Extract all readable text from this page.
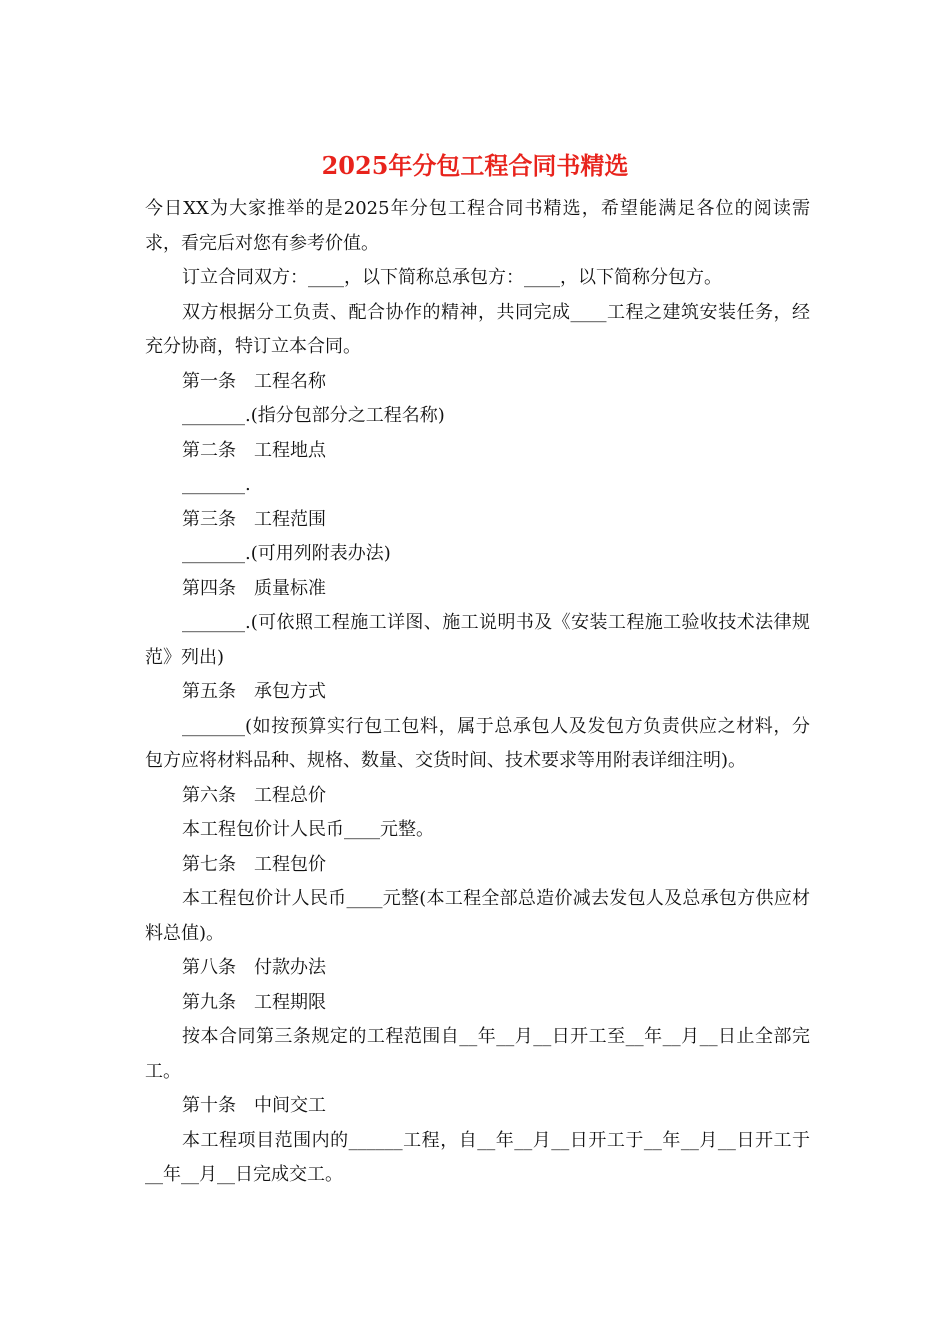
2025年分包工程合同书精选

今日XX为大家推举的是2025年分包工程合同书精选，希望能满足各位的阅读需求，看完后对您有参考价值。

订立合同双方：____，以下简称总承包方：____，以下简称分包方。

双方根据分工负责、配合协作的精神，共同完成____工程之建筑安装任务，经充分协商，特订立本合同。

第一条　工程名称

_______.(指分包部分之工程名称)

第二条　工程地点

_______.

第三条　工程范围

_______.(可用列附表办法)

第四条　质量标准

_______.(可依照工程施工详图、施工说明书及《安装工程施工验收技术法律规范》列出)

第五条　承包方式

_______(如按预算实行包工包料，属于总承包人及发包方负责供应之材料，分包方应将材料品种、规格、数量、交货时间、技术要求等用附表详细注明)。

第六条　工程总价

本工程包价计人民币____元整。

第七条　工程包价

本工程包价计人民币____元整(本工程全部总造价减去发包人及总承包方供应材料总值)。

第八条　付款办法

第九条　工程期限

按本合同第三条规定的工程范围自__年__月__日开工至__年__月__日止全部完工。

第十条　中间交工

本工程项目范围内的______工程，自__年__月__日开工于__年__月__日开工于__年__月__日完成交工。
